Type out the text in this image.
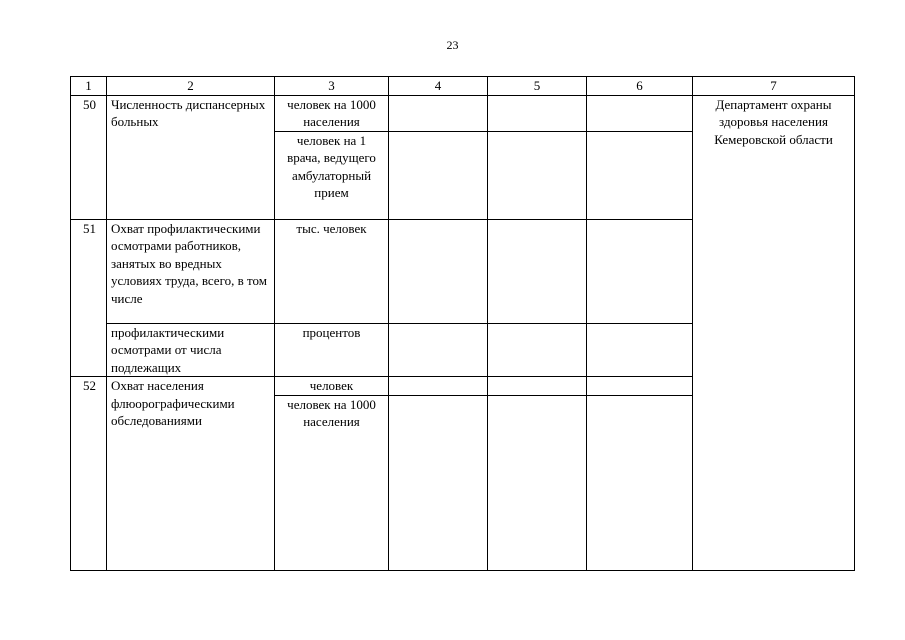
23
1	2	3	4	5	6	7
50	Численность диспансерных больных	человек на 1000 населения				Департамент охраны здоровья населения Кемеровской области
		человек на 1 врача, ведущего амбулаторный прием				
51	Охват профилактическими осмотрами работников, занятых во вредных условиях труда, всего, в том числе	тыс. человек				
	профилактическими осмотрами от числа подлежащих	процентов				
52	Охват населения флюорографическими обследованиями	человек				
		человек на 1000 населения				
